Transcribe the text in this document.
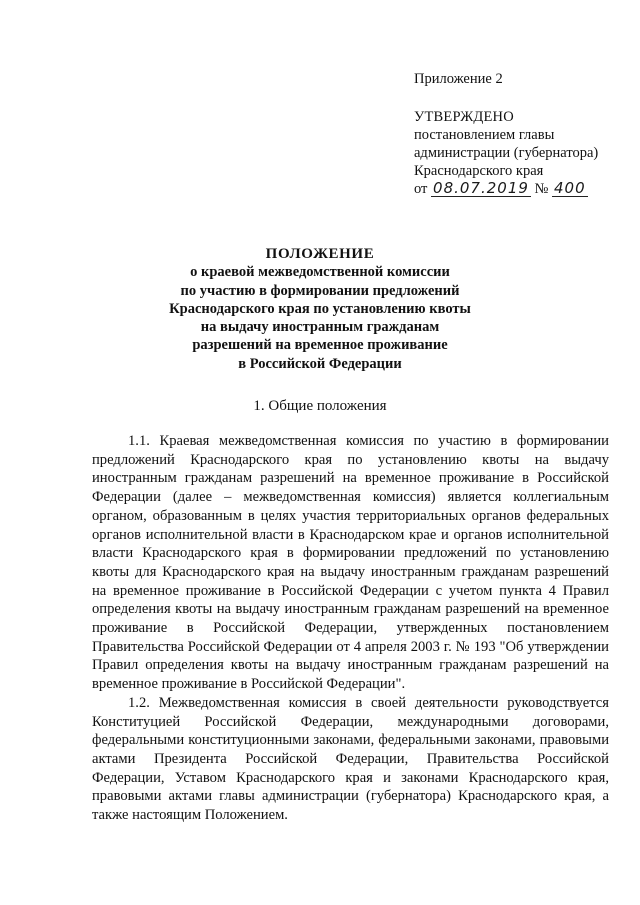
Приложение 2
УТВЕРЖДЕНО
постановлением главы
администрации (губернатора)
Краснодарского края
от 08.07.2019 № 400
ПОЛОЖЕНИЕ
о краевой межведомственной комиссии
по участию в формировании предложений
Краснодарского края по установлению квоты
на выдачу иностранным гражданам
разрешений на временное проживание
в Российской Федерации
1. Общие положения

1.1. Краевая межведомственная комиссия по участию в формировании предложений Краснодарского края по установлению квоты на выдачу иностранным гражданам разрешений на временное проживание в Российской Федерации (далее – межведомственная комиссия) является коллегиальным органом, образованным в целях участия территориальных органов федеральных органов исполнительной власти в Краснодарском крае и органов исполнительной власти Краснодарского края в формировании предложений по установлению квоты для Краснодарского края на выдачу иностранным гражданам разрешений на временное проживание в Российской Федерации с учетом пункта 4 Правил определения квоты на выдачу иностранным гражданам разрешений на временное проживание в Российской Федерации, утвержденных постановлением Правительства Российской Федерации от 4 апреля 2003 г. № 193 "Об утверждении Правил определения квоты на выдачу иностранным гражданам разрешений на временное проживание в Российской Федерации".

1.2. Межведомственная комиссия в своей деятельности руководствуется Конституцией Российской Федерации, международными договорами, федеральными конституционными законами, федеральными законами, правовыми актами Президента Российской Федерации, Правительства Российской Федерации, Уставом Краснодарского края и законами Краснодарского края, правовыми актами главы администрации (губернатора) Краснодарского края, а также настоящим Положением.
